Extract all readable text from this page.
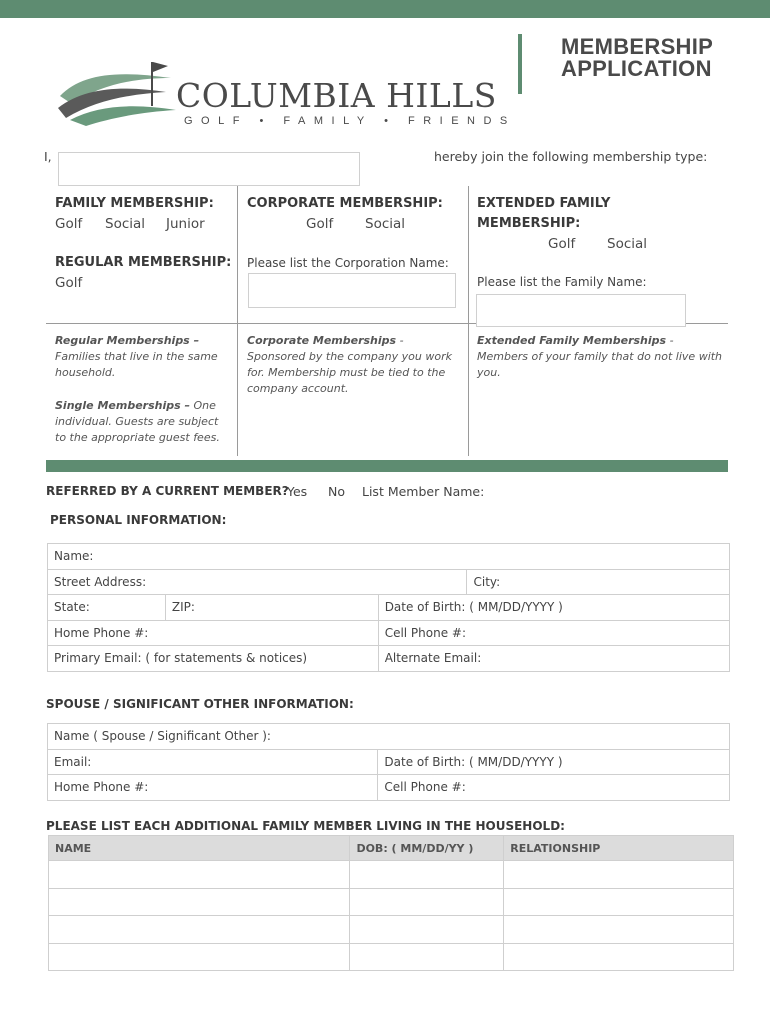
COLUMBIA HILLS
GOLF • FAMILY • FRIENDS
MEMBERSHIP
APPLICATION
I,	hereby join the following membership type:
FAMILY MEMBERSHIP:
Golf Social Junior
REGULAR MEMBERSHIP:
Golf
CORPORATE MEMBERSHIP:
Golf Social
Please list the Corporation Name:
EXTENDED FAMILY
MEMBERSHIP:
Golf Social
Please list the Family Name:
Regular Memberships –
Families that live in the same household.
Single Memberships – One individual. Guests are subject to the appropriate guest fees.
Corporate Memberships - Sponsored by the company you work for. Membership must be tied to the company account.
Extended Family Memberships - Members of your family that do not live with you.
REFERRED BY A CURRENT MEMBER?
Yes No List Member Name:
PERSONAL INFORMATION:
Name:			
Street Address:			City:
State:	ZIP:	Date of Birth: ( MM/DD/YYYY )	
Home Phone #:		Cell Phone #:	
Primary Email: ( for statements & notices)		Alternate Email:	
SPOUSE / SIGNIFICANT OTHER INFORMATION:
Name ( Spouse / Significant Other ):	
Email:	Date of Birth: ( MM/DD/YYYY )
Home Phone #:	Cell Phone #:
PLEASE LIST EACH ADDITIONAL FAMILY MEMBER LIVING IN THE HOUSEHOLD:
NAME	DOB: ( MM/DD/YY )	RELATIONSHIP
